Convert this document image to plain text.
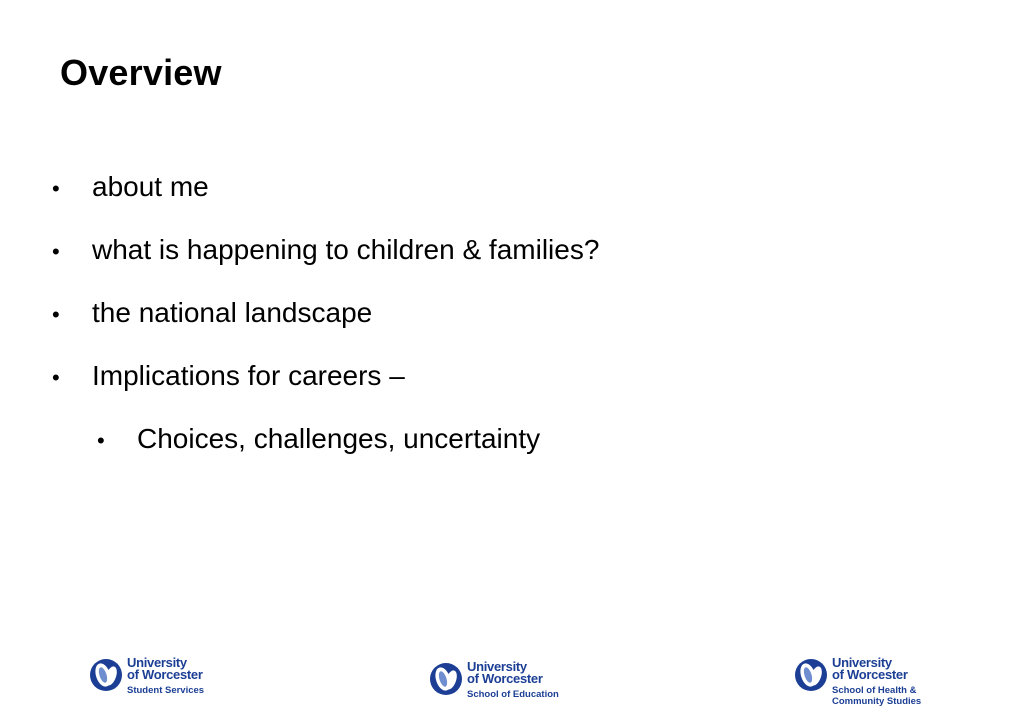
Overview
•	about me
•	what is happening to children & families?
•	the national landscape
•	Implications for careers –
•	Choices, challenges, uncertainty
University
of Worcester
Student Services
University
of Worcester
School of Education
University
of Worcester
School of Health &
Community Studies
